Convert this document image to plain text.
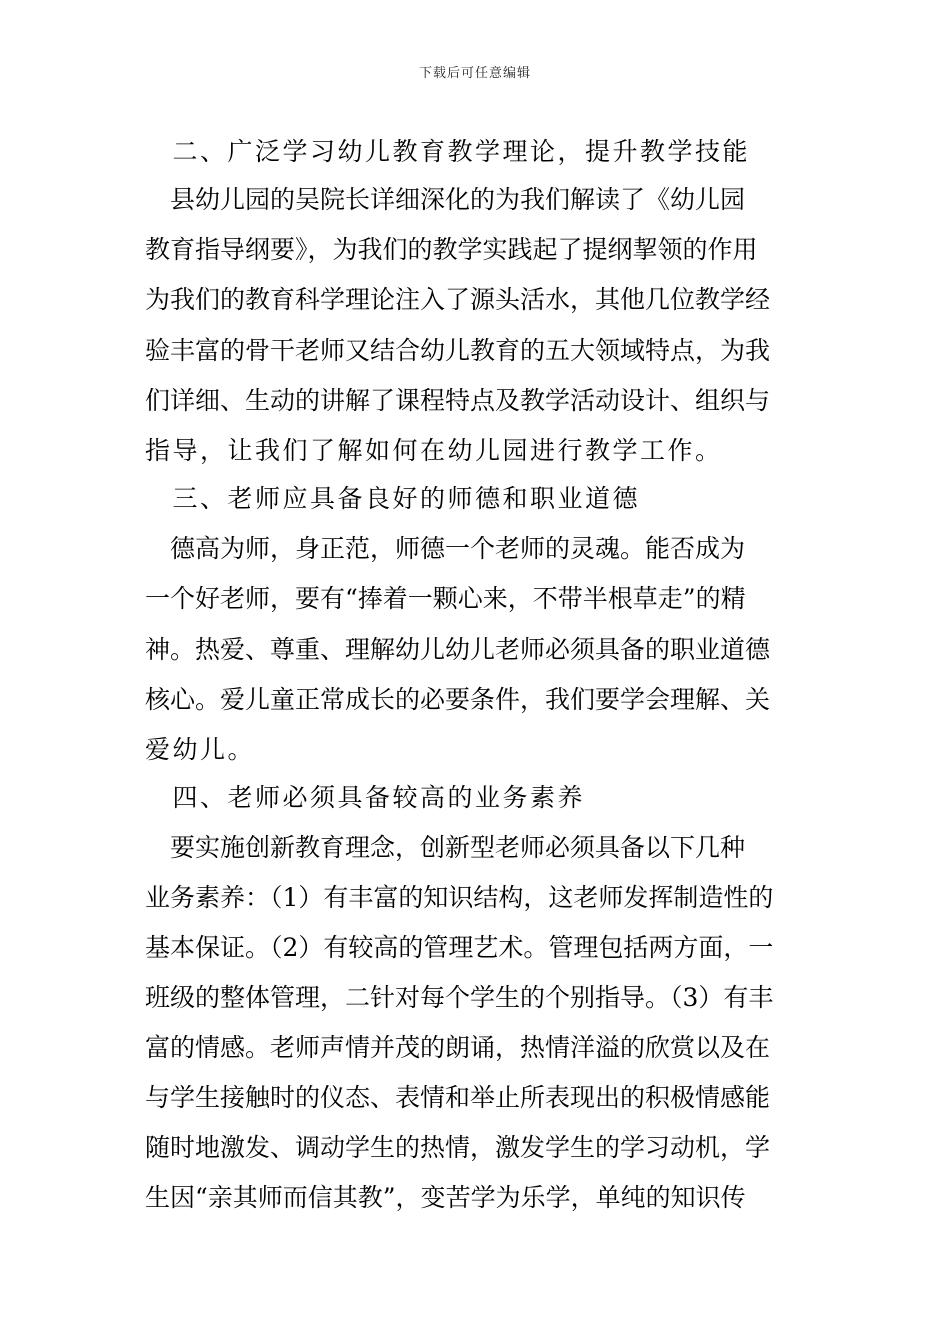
下载后可任意编辑
　二、广泛学习幼儿教育教学理论，提升教学技能
　县幼儿园的吴院长详细深化的为我们解读了《幼儿园
教育指导纲要》，为我们的教学实践起了提纲挈领的作用
为我们的教育科学理论注入了源头活水，其他几位教学经
验丰富的骨干老师又结合幼儿教育的五大领域特点，为我
们详细、生动的讲解了课程特点及教学活动设计、组织与
指导，让我们了解如何在幼儿园进行教学工作。
　三、老师应具备良好的师德和职业道德
　德高为师，身正范，师德一个老师的灵魂。能否成为
一个好老师，要有“捧着一颗心来，不带半根草走”的精
神。热爱、尊重、理解幼儿幼儿老师必须具备的职业道德
核心。爱儿童正常成长的必要条件，我们要学会理解、关
爱幼儿。
　四、老师必须具备较高的业务素养
　要实施创新教育理念，创新型老师必须具备以下几种
业务素养：（1）有丰富的知识结构，这老师发挥制造性的
基本保证。（2）有较高的管理艺术。管理包括两方面，一
班级的整体管理，二针对每个学生的个别指导。（3）有丰
富的情感。老师声情并茂的朗诵，热情洋溢的欣赏以及在
与学生接触时的仪态、表情和举止所表现出的积极情感能
随时地激发、调动学生的热情，激发学生的学习动机，学
生因“亲其师而信其教”，变苦学为乐学，单纯的知识传
